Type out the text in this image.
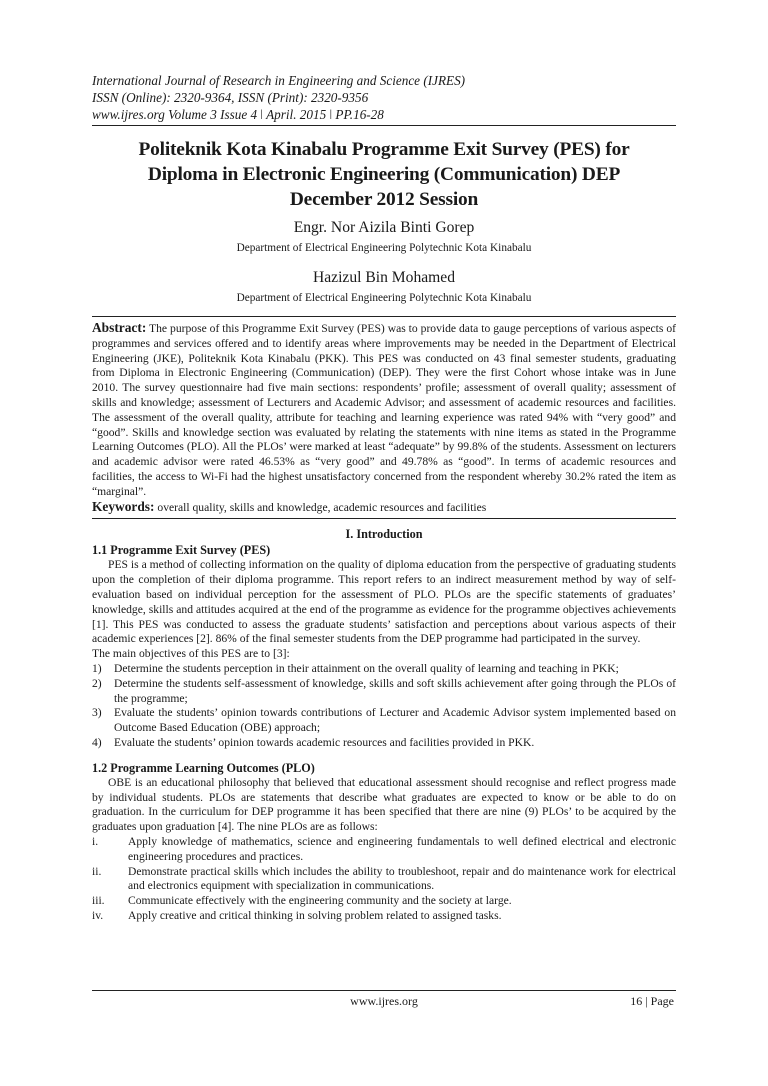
International Journal of Research in Engineering and Science (IJRES)
ISSN (Online): 2320-9364, ISSN (Print): 2320-9356
www.ijres.org Volume 3 Issue 4 ǀ April. 2015 ǀ PP.16-28
Politeknik Kota Kinabalu Programme Exit Survey (PES) for
Diploma in Electronic Engineering (Communication) DEP
December 2012 Session
Engr. Nor Aizila Binti Gorep
Department of Electrical Engineering Polytechnic Kota Kinabalu
Hazizul Bin Mohamed
Department of Electrical Engineering Polytechnic Kota Kinabalu

Abstract: The purpose of this Programme Exit Survey (PES) was to provide data to gauge perceptions of various aspects of programmes and services offered and to identify areas where improvements may be needed in the Department of Electrical Engineering (JKE), Politeknik Kota Kinabalu (PKK). This PES was conducted on 43 final semester students, graduating from Diploma in Electronic Engineering (Communication) (DEP). They were the first Cohort whose intake was in June 2010. The survey questionnaire had five main sections: respondents’ profile; assessment of overall quality; assessment of skills and knowledge; assessment of Lecturers and Academic Advisor; and assessment of academic resources and facilities. The assessment of the overall quality, attribute for teaching and learning experience was rated 94% with “very good” and “good”. Skills and knowledge section was evaluated by relating the statements with nine items as stated in the Programme Learning Outcomes (PLO). All the PLOs’ were marked at least “adequate” by 99.8% of the students. Assessment on lecturers and academic advisor were rated 46.53% as “very good” and 49.78% as “good”. In terms of academic resources and facilities, the access to Wi-Fi had the highest unsatisfactory concerned from the respondent whereby 30.2% rated the item as “marginal”.

Keywords: overall quality, skills and knowledge, academic resources and facilities

I. Introduction
1.1 Programme Exit Survey (PES)

PES is a method of collecting information on the quality of diploma education from the perspective of graduating students upon the completion of their diploma programme. This report refers to an indirect measurement method by way of self-evaluation based on individual perception for the assessment of PLO. PLOs are the specific statements of graduates’ knowledge, skills and attitudes acquired at the end of the programme as evidence for the programme objectives achievements [1]. This PES was conducted to assess the graduate students’ satisfaction and perceptions about various aspects of their academic experiences [2]. 86% of the final semester students from the DEP programme had participated in the survey.

The main objectives of this PES are to [3]:

1)	Determine the students perception in their attainment on the overall quality of learning and teaching in PKK;
2)	Determine the students self-assessment of knowledge, skills and soft skills achievement after going through the PLOs of the programme;
3)	Evaluate the students’ opinion towards contributions of Lecturer and Academic Advisor system implemented based on Outcome Based Education (OBE) approach;
4)	Evaluate the students’ opinion towards academic resources and facilities provided in PKK.
1.2 Programme Learning Outcomes (PLO)

OBE is an educational philosophy that believed that educational assessment should recognise and reflect progress made by individual students. PLOs are statements that describe what graduates are expected to know or be able to do on graduation. In the curriculum for DEP programme it has been specified that there are nine (9) PLOs’ to be acquired by the graduates upon graduation [4]. The nine PLOs are as follows:

i.	Apply knowledge of mathematics, science and engineering fundamentals to well defined electrical and electronic engineering procedures and practices.
ii.	Demonstrate practical skills which includes the ability to troubleshoot, repair and do maintenance work for electrical and electronics equipment with specialization in communications.
iii.	Communicate effectively with the engineering community and the society at large.
iv.	Apply creative and critical thinking in solving problem related to assigned tasks.
www.ijres.org	16 | Page
